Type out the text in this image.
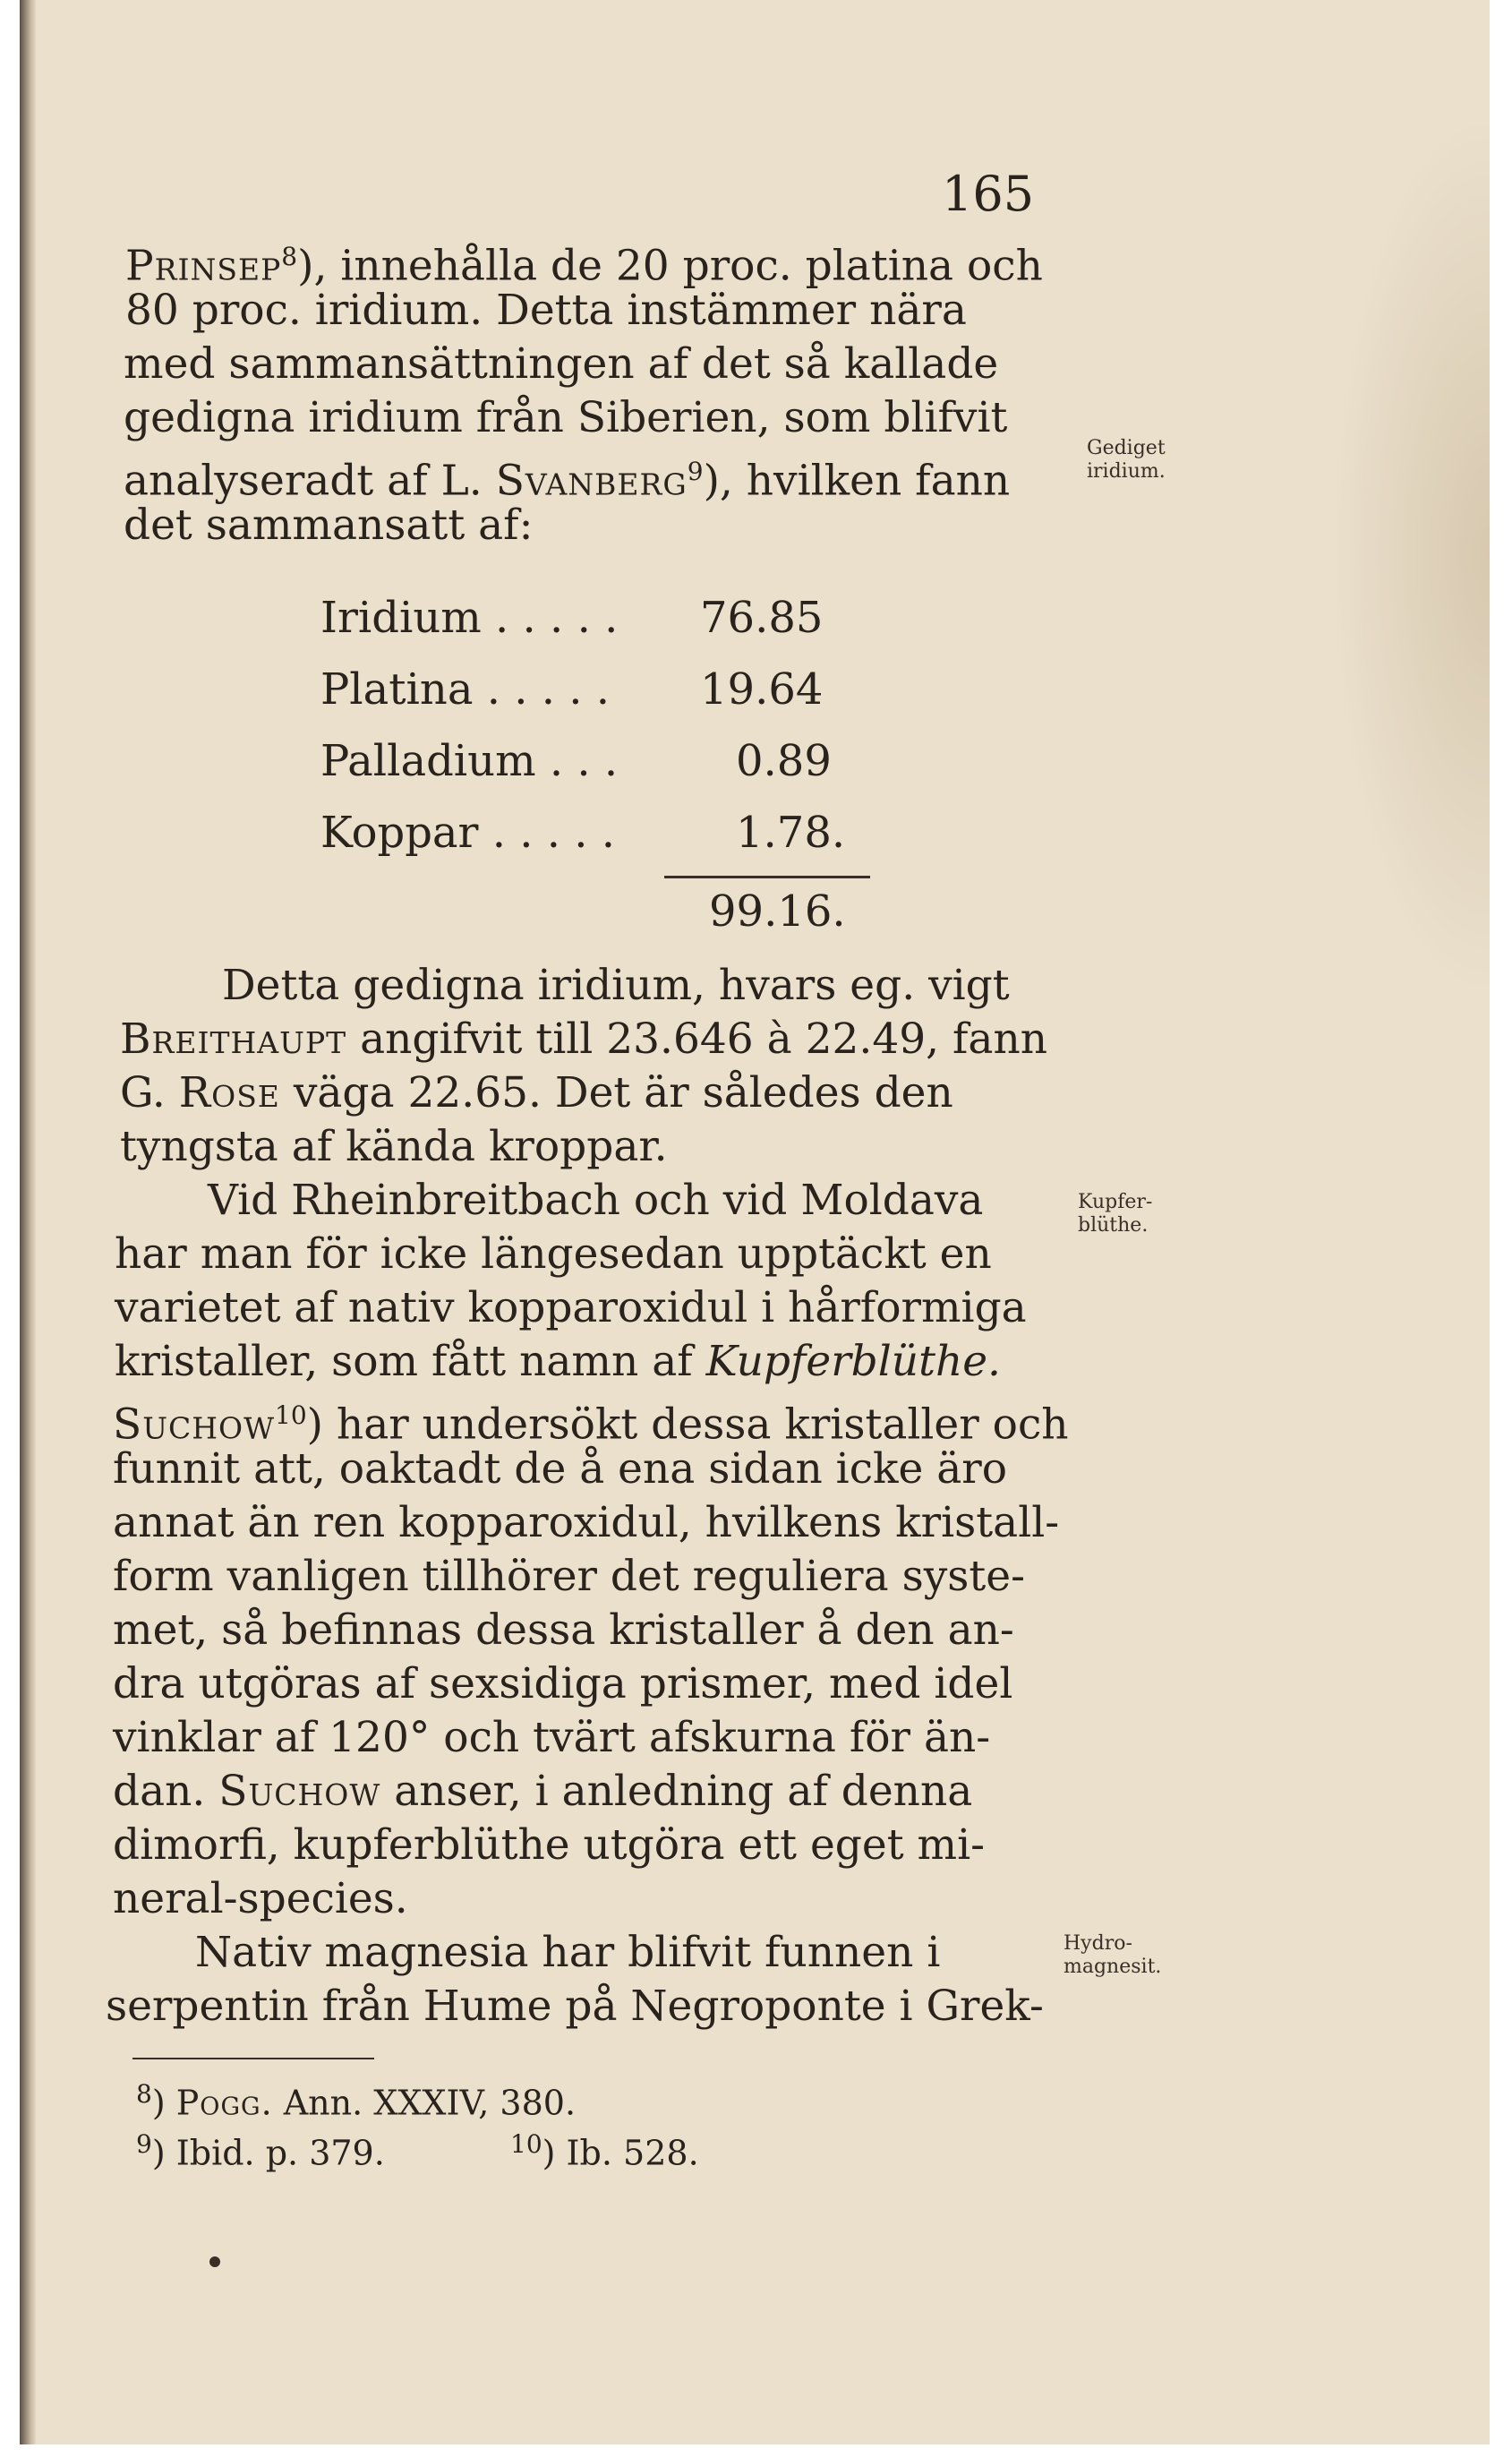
165
Prinsep$^8$), innehålla de 20 proc. platina och
80 proc. iridium. Detta instämmer nära
med sammansättningen af det så kallade
gedigna iridium från Siberien, som blifvit
analyseradt af L. Svanberg$^9$), hvilken fann
det sammansatt af:
Gediget
iridium.
Iridium . . . . . 76.85
Platina . . . . . 19.64
Palladium . . .	0.89
Koppar . . . . .	1.78.
99.16.
Detta gedigna iridium, hvars eg. vigt
Breithaupt angifvit till 23.646 à 22.49, fann
G. Rose väga 22.65. Det är således den
tyngsta af kända kroppar.
Vid Rheinbreitbach och vid Moldava
har man för icke längesedan upptäckt en
varietet af nativ kopparoxidul i hårformiga
kristaller, som fått namn af Kupferblüthe.
Suchow$^{10}$) har undersökt dessa kristaller och
funnit att, oaktadt de å ena sidan icke äro
annat än ren kopparoxidul, hvilkens kristall-
form vanligen tillhörer det reguliera syste-
met, så befinnas dessa kristaller å den an-
dra utgöras af sexsidiga prismer, med idel
vinklar af 120° och tvärt afskurna för än-
dan. Suchow anser, i anledning af denna
dimorfi, kupferblüthe utgöra ett eget mi-
neral-species.
Kupfer-
blüthe.
Nativ magnesia har blifvit funnen i
serpentin från Hume på Negroponte i Grek-
Hydro-
magnesit.
$^8$) Pogg. Ann. XXXIV, 380.
$^9$) Ibid. p. 379.	$^{10}$) Ib. 528.
